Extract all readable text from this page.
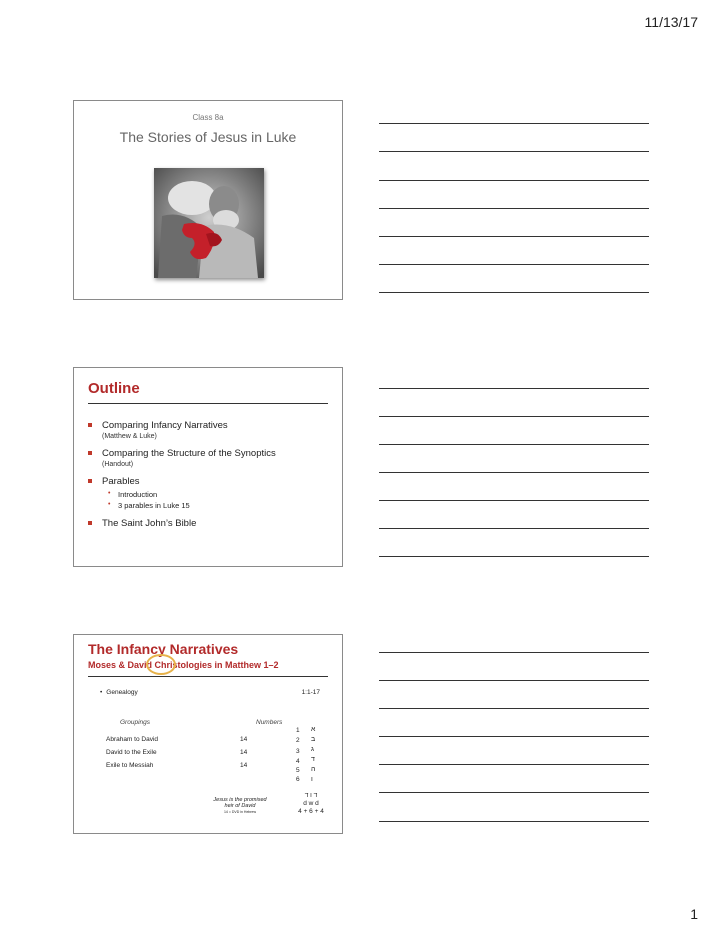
11/13/17
Class 8a
The Stories of Jesus in Luke
Outline
Comparing Infancy Narratives
(Matthew & Luke)
Comparing the Structure of the Synoptics
(Handout)
Parables
• Introduction
• 3 parables in Luke 15
The Saint John’s Bible
The Infancy Narratives
Moses & David Christologies in Matthew 1–2
• Genealogy	1:1-17
Groupings	Numbers
Abraham to David
David to the Exile
Exile to Messiah
14
14
14
1
2
3
4
5
6
א
ב
ג
ד
ה
ו
Jesus is the promised
heir of David
14 = DVD in Hebrew
ד ו ד
d w d
4 + 6 + 4
1
